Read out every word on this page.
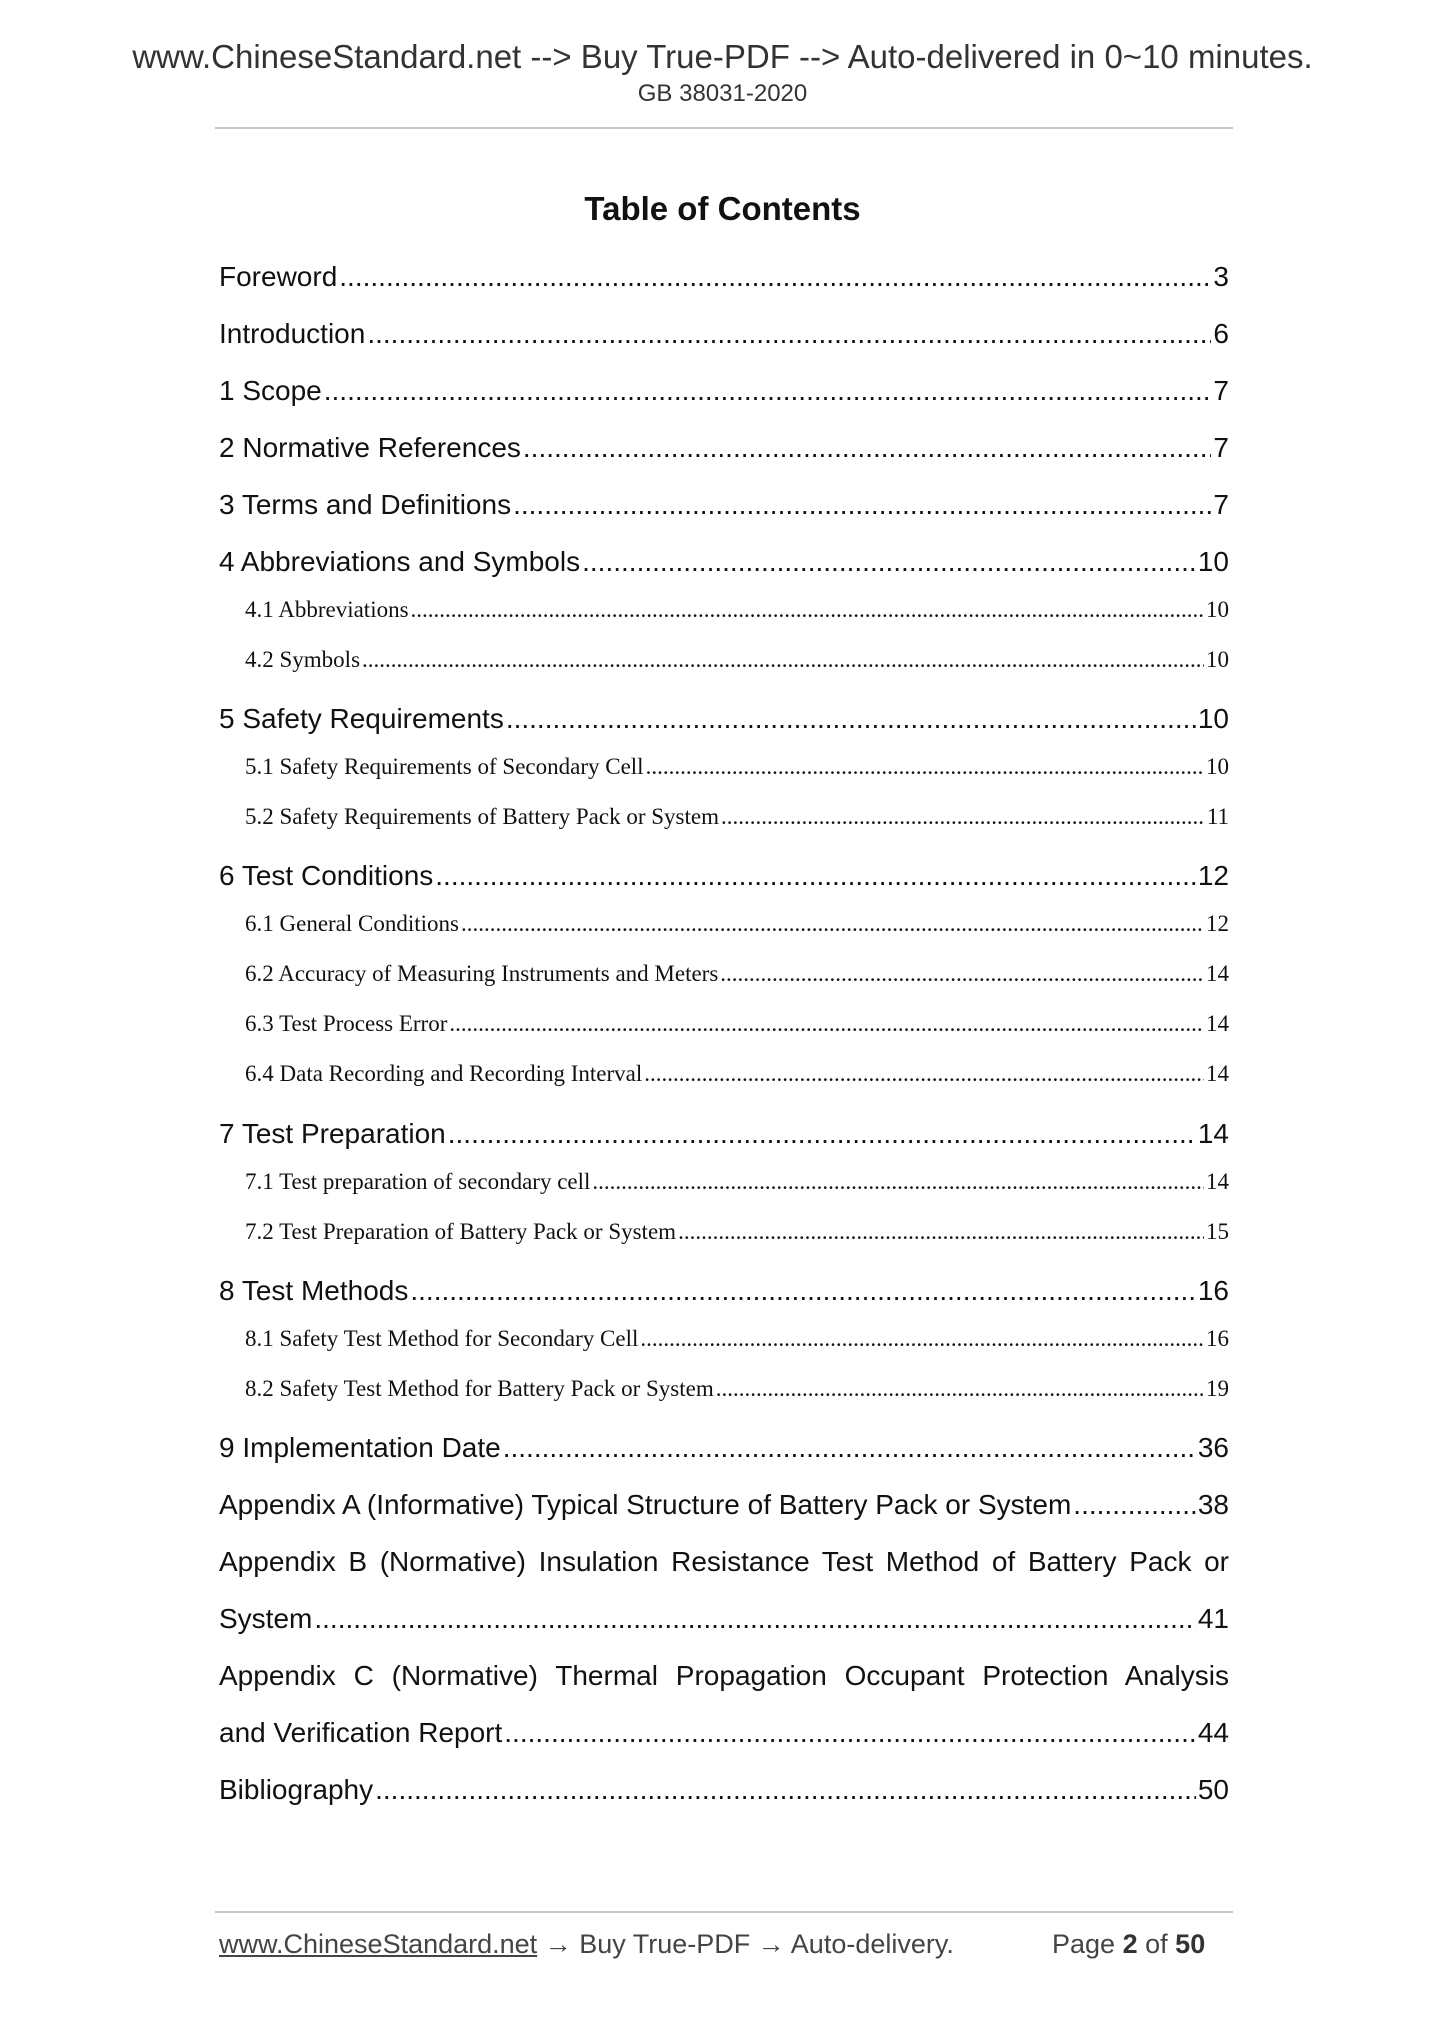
www.ChineseStandard.net --> Buy True-PDF --> Auto-delivered in 0~10 minutes.
GB 38031-2020
Table of Contents
Foreword .....	3
Introduction .....	6
1 Scope .....	7
2 Normative References .....	7
3 Terms and Definitions .....	7
4 Abbreviations and Symbols .....	10
4.1 Abbreviations .....	10
4.2 Symbols .....	10
5 Safety Requirements .....	10
5.1 Safety Requirements of Secondary Cell .....	10
5.2 Safety Requirements of Battery Pack or System .....	11
6 Test Conditions .....	12
6.1 General Conditions .....	12
6.2 Accuracy of Measuring Instruments and Meters .....	14
6.3 Test Process Error .....	14
6.4 Data Recording and Recording Interval .....	14
7 Test Preparation .....	14
7.1 Test preparation of secondary cell .....	14
7.2 Test Preparation of Battery Pack or System .....	15
8 Test Methods .....	16
8.1 Safety Test Method for Secondary Cell .....	16
8.2 Safety Test Method for Battery Pack or System .....	19
9 Implementation Date .....	36
Appendix A (Informative) Typical Structure of Battery Pack or System .....	38
Appendix B (Normative) Insulation Resistance Test Method of Battery Pack or
System .....	41
Appendix C (Normative) Thermal Propagation Occupant Protection Analysis
and Verification Report .....	44
Bibliography .....	50
www.ChineseStandard.net → Buy True-PDF → Auto-delivery.	Page 2 of 50
